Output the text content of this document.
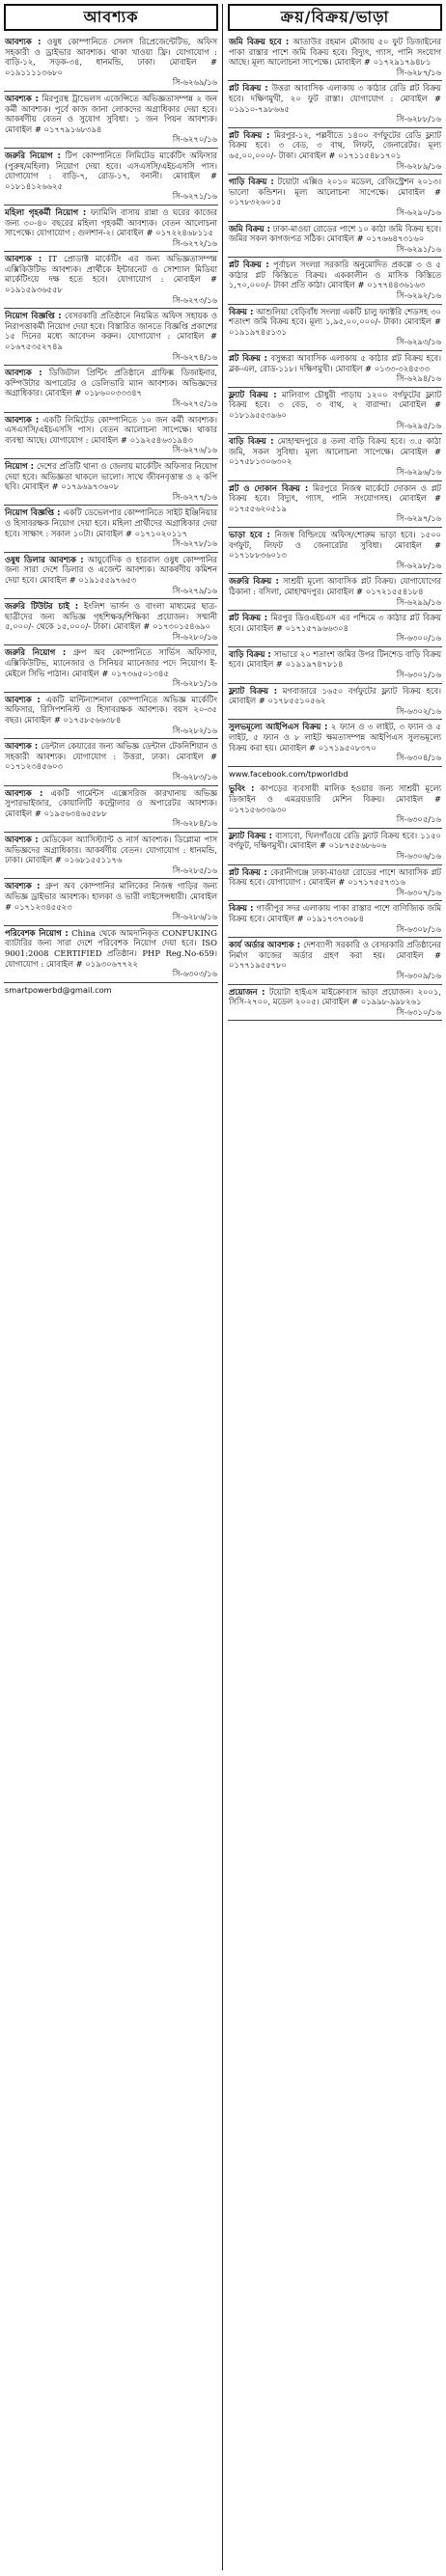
আবশ্যক

আবশ্যক : ওষুধ কোম্পানিতে সেলস রিপ্রেজেন্টেটিভ, অফিস সহকারী ও ড্রাইভার আবশ্যক। থাকা খাওয়া ফ্রি। যোগাযোগ : বাড়ি-১২, সড়ক-৩৪, ধানমন্ডি, ঢাকা। মোবাইল # ০১৯১১১১৩৬৮০
সি-৬২৬৯/১৬

আবশ্যক : মিরপুরস্থ ট্রাভেলস এজেন্সিতে অভিজ্ঞতাসম্পন্ন ২ জন কর্মী আবশ্যক। পূর্বে কাজ জানা লোকদের অগ্রাধিকার দেয়া হবে। আকর্ষণীয় বেতন ও সুযোগ সুবিধা। ১ জন পিয়ন আবশ্যক। মোবাইল # ০১৭৭৯১৬৮৩৯৪
সি-৬২৭০/১৬

জরুরি নিয়োগ : টিপ কোম্পানিতে লিমিটেড মার্কেটিং অফিসার (পুরুষ/মহিলা) নিয়োগ দেয়া হবে। এসএসসি/এইচএসসি পাস। যোগাযোগ : বাড়ি-৭, রোড-১৭, বনানী। মোবাইল # ০১৮১৪১২৬৬২৫
সি-৬২৭১/১৬

মহিলা গৃহকর্মী নিয়োগ : ফ্যামিলি বাসায় রান্না ও ঘরের কাজের জন্য ৩০-৪০ বছরের মহিলা গৃহকর্মী আবশ্যক। বেতন আলোচনা সাপেক্ষে। যোগাযোগ : গুলশান-২। মোবাইল # ০১৭২২৪৬৮১১৫
সি-৬২৭২/১৬

আবশ্যক : IT প্রোডাক্ট মার্কেটিং এর জন্য অভিজ্ঞতাসম্পন্ন এক্সিকিউটিভ আবশ্যক। প্রার্থীকে ইন্টারনেট ও সোশ্যাল মিডিয়া মার্কেটিংয়ে দক্ষ হতে হবে। যোগাযোগ : মোবাইল # ০১৯১৫৯৩৬৫৫৮
সি-৬২৭৩/১৬

নিয়োগ বিজ্ঞপ্তি : বেসরকারি প্রতিষ্ঠানে নিয়মিত অফিস সহায়ক ও নিরাপত্তাকর্মী নিয়োগ দেয়া হবে। বিস্তারিত জানতে বিজ্ঞপ্তি প্রকাশের ১৫ দিনের মধ্যে আবেদন করুন। যোগাযোগ : মোবাইল # ০১৬৭৫৩৫২৭৪৯
সি-৬২৭৪/১৬

আবশ্যক : ডিজিটাল প্রিন্টিং প্রতিষ্ঠানে গ্রাফিক্স ডিজাইনার, কম্পিউটার অপারেটর ও ডেলিভারি ম্যান আবশ্যক। অভিজ্ঞদের অগ্রাধিকার। মোবাইল # ০১৮৬০০৩৩৩৪৭
সি-৬২৭৫/১৬

আবশ্যক : একটি লিমিটেড কোম্পানিতে ১০ জন কর্মী আবশ্যক। এসএসসি/এইচএসসি পাস। বেতন আলোচনা সাপেক্ষে। থাকার ব্যবস্থা আছে। যোগাযোগ : মোবাইল # ০১৯২৫৪৬৩১৯৪৩
সি-৬২৭৬/১৬

নিয়োগ : দেশের প্রতিটি থানা ও জেলায় মার্কেটিং অফিসার নিয়োগ দেয়া হবে। অভিজ্ঞতা থাকলে ভালো। সাথে জীবনবৃত্তান্ত ও ২ কপি ছবি। মোবাইল # ০১৭৯৬৯৭৩৬০৮
সি-৬২৭৭/১৬

নিয়োগ বিজ্ঞপ্তি : একটি ডেভেলপার কোম্পানিতে সাইট ইঞ্জিনিয়ার ও হিসাবরক্ষক নিয়োগ দেয়া হবে। মহিলা প্রার্থীদের অগ্রাধিকার দেয়া হবে। সাক্ষাৎ : সকাল ১০টা। মোবাইল # ০১৭১০২০১১৭
সি-৬২৭৮/১৬

ওষুধ ডিলার আবশ্যক : আয়ুর্বেদিক ও হারবাল ওষুধ কোম্পানির জন্য সারা দেশে ডিলার ও এজেন্ট আবশ্যক। আকর্ষণীয় কমিশন দেয়া হবে। মোবাইল # ০১৯১৫৫৯৭৬৫৩
সি-৬২৭৯/১৬

জরুরি টিউটর চাই : ইংলিশ ভার্সন ও বাংলা মাধ্যমের ছাত্র-ছাত্রীদের জন্য অভিজ্ঞ গৃহশিক্ষক/শিক্ষিকা প্রয়োজন। সম্মানী ৫,০০০/- থেকে ১৫,০০০/- টাকা। মোবাইল # ০১৭৩০১৫৪৬৯০
সি-৬২৮০/১৬

জরুরি নিয়োগ : গ্রুপ অব কোম্পানিতে সার্ভিস অফিসার, এক্সিকিউটিভ, ম্যানেজার ও সিনিয়র ম্যানেজার পদে নিয়োগ। ই-মেইলে সিভি পাঠান। মোবাইল # ০১৭৩৬৫০১৩৪৫
সি-৬২৮১/১৬

আবশ্যক : একটি মাল্টিন্যাশনাল কোম্পানিতে অভিজ্ঞ মার্কেটিং অফিসার, রিসিপশনিস্ট ও হিসাবরক্ষক আবশ্যক। বয়স ২০-৩৫ বছর। মোবাইল # ০১৭৫৮৫৬৬৩৮৪
সি-৬২৮২/১৬

আবশ্যক : ডেন্টাল কেয়ারের জন্য অভিজ্ঞ ডেন্টাল টেকনিশিয়ান ও সহকারী আবশ্যক। যোগাযোগ : উত্তরা, ঢাকা। মোবাইল # ০১৭১২৩৪৫৬০৩
সি-৬২৮৩/১৬

আবশ্যক : একটি গার্মেন্টস এক্সেসরিজ কারখানায় অভিজ্ঞ সুপারভাইজার, কোয়ালিটি কন্ট্রোলার ও অপারেটর আবশ্যক। মোবাইল # ০১৯৫৬৩৪৬৫৫৮৮
সি-৬২৮৪/১৬

আবশ্যক : মেডিকেল অ্যাসিস্ট্যান্ট ও নার্স আবশ্যক। ডিপ্লোমা পাস অভিজ্ঞদের অগ্রাধিকার। আকর্ষণীয় বেতন। যোগাযোগ : ধানমন্ডি, ঢাকা। মোবাইল # ০১৬৮১৫৫১১৭৬
সি-৬২৮৫/১৬

আবশ্যক : গ্রুপ অব কোম্পানির মালিকের নিজস্ব গাড়ির জন্য অভিজ্ঞ ড্রাইভার আবশ্যক। হালকা ও ভারী লাইসেন্সধারী। মোবাইল # ০১৭১২৩৪৫৫২৩
সি-৬২৮৬/১৬

পরিবেশক নিয়োগ : China থেকে আমদানিকৃত CONFUKING ব্যাটারির জন্য সারা দেশে পরিবেশক নিয়োগ দেয়া হবে। ISO 9001:2008 CERTIFIED প্রতিষ্ঠান। PHP Reg.No-659। যোগাযোগ : মোবাইল # ০১৯৩০৬৭৭২২
সি-৬৩০৩/১৬

smartpowerbd@gmail.com
ক্রয়/বিক্রয়/ভাড়া

জমি বিক্রয় হবে : আতাউর রহমান মৌজায় ৫০ ফুট ডিজাইনের পাকা রাস্তার পাশে জমি বিক্রয় হবে। বিদ্যুৎ, গ্যাস, পানি সংযোগ আছে। মূল্য আলোচনা সাপেক্ষে। মোবাইল # ০১৭২৯১৭৯৪৮১
সি-৬২৮৭/১৬

প্লট বিক্রয় : উত্তরা আবাসিক এলাকায় ৩ কাঠার রেডি প্লট বিক্রয় হবে। দক্ষিণমুখী, ২০ ফুট রাস্তা। যোগাযোগ : মোবাইল # ০১৯১০-৭৯৮৬৬৫
সি-৬২৮৮/১৬

প্লট বিক্রয় : মিরপুর-১২, পল্লবীতে ১৪০০ বর্গফুটের রেডি ফ্ল্যাট বিক্রয় হবে। ৩ বেড, ৩ বাথ, লিফট, জেনারেটর। মূল্য ৬৫,০০,০০০/- টাকা। মোবাইল # ০১৭১১৫৪৮১৭০১
সি-৬২৮৯/১৬

গাড়ি বিক্রয় : টয়োটা এক্সিও ২০১০ মডেল, রেজিস্ট্রেশন ২০১৩। ভালো কন্ডিশন। মূল্য আলোচনা সাপেক্ষে। মোবাইল # ০১৭৮৩২৬০১৫
সি-৬২৯০/১৬

জমি বিক্রয় : ঢাকা-মাওয়া রোডের পাশে ১০ কাঠা জমি বিক্রয় হবে। জমির সকল কাগজপত্র সঠিক। মোবাইল # ০১৭৬৬৪৭৩১৬০
সি-৬২৯১/১৬

প্লট বিক্রয় : পূর্বাচল সংলগ্ন সরকারি অনুমোদিত প্রকল্পে ৩ ও ৫ কাঠার প্লট কিস্তিতে বিক্রয়। এককালীন ও মাসিক কিস্তিতে ১,৭০,০০০/- টাকা প্রতি কাঠা। মোবাইল # ০১৭৭৪৪৩৬১৬৩
সি-৬২৯২/১৬

বিক্রয় : আশুলিয়া বেড়িবাঁধ সংলগ্ন একটি চালু ফ্যাক্টরি শেডসহ ৩০ শতাংশ জমি বিক্রয় হবে। মূল্য ১,৯৫,০০,০০০/- টাকা। মোবাইল # ০১৯১৯৭৪৫১৩১
সি-৬২৯৩/১৬

প্লট বিক্রয় : বসুন্ধরা আবাসিক এলাকায় ৫ কাঠার প্লট বিক্রয় হবে। ব্লক-এল, রোড-১১৮। দক্ষিণমুখী। মোবাইল # ০১৩৩-৩২৪৫৩৩
সি-৬২৯৪/১৬

ফ্ল্যাট বিক্রয় : মালিবাগ চৌধুরী পাড়ায় ১২০০ বর্গফুটের ফ্ল্যাট বিক্রয় হবে। ৩ বেড, ৩ বাথ, ২ বারান্দা। মোবাইল # ০১৮১৯৫৫৩৯৬০
সি-৬২৯৫/১৬

বাড়ি বিক্রয় : মোহাম্মদপুরে ৪ তলা বাড়ি বিক্রয় হবে। ৩.৫ কাঠা জমি, সকল সুবিধা। মূল্য আলোচনা সাপেক্ষে। মোবাইল # ০১৭৫৮১৩০৬৩০২
সি-৬২৯৬/১৬

প্লট ও দোকান বিক্রয় : মিরপুরে নিজস্ব মার্কেটে দোকান ও প্লট বিক্রয় হবে। বিদ্যুৎ, গ্যাস, পানি সংযোগসহ। মোবাইল # ০১৭৫৫৬২০৫১৯
সি-৬২৯৭/১৬

ভাড়া হবে : নিজস্ব বিল্ডিংয়ে অফিস/শোরুম ভাড়া হবে। ১৫০০ বর্গফুট, লিফট ও জেনারেটর সুবিধা। মোবাইল # ০১৭১৮৮৩৬০১৩
সি-৬২৯৮/১৬

জরুরি বিক্রয় : সাশ্রয়ী মূল্যে আবাসিক প্লট বিক্রয়। যোগাযোগের ঠিকানা : বসিলা, মোহাম্মদপুর। মোবাইল # ০১৭২১৫৫৪১৮৪
সি-৬২৯৯/১৬

প্লট বিক্রয় : মিরপুর ডিওএইচএস এর পশ্চিমে ৩ কাঠার প্লট বিক্রয় হবে। মোবাইল # ০১৭১৫৭৯৬৬৩০৪
সি-৬৩০০/১৬

বাড়ি বিক্রয় : সাভারে ২০ শতাংশ জমির উপর টিনশেড বাড়ি বিক্রয় হবে। মোবাইল # ০১৯১৯৭৪৭৮১৪
সি-৬৩০১/১৬

ফ্ল্যাট বিক্রয় : মগবাজারে ১৬৫০ বর্গফুটের ফ্ল্যাট বিক্রয় হবে। মোবাইল # ০১৭৮৫৫১০৫৬২
সি-৬৩০২/১৬

সুলভমূল্যে আইপিএস বিক্রয় : ২ ফ্যান ও ৩ লাইট, ৩ ফ্যান ও ৫ লাইট, ৫ ফ্যান ও ৮ লাইট ক্ষমতাসম্পন্ন আইপিএস সুলভমূল্যে বিক্রয় করা হয়। মোবাইল # ০১৭১৯৫০৮৩৭০
সি-৬৩০৪/১৬

www.facebook.com/tpworldbd

ভুবিং : কাপড়ের ব্যবসায়ী মালিক হওয়ার জন্য সাশ্রয়ী মূল্যে ডিজাইন ও এমব্রয়ডারি মেশিন বিক্রয়। মোবাইল # ০১৭১৫৬৩৩৯৩০
সি-৬৩০৫/১৬

ফ্ল্যাট বিক্রয় : বাসাবো, খিলগাঁওয়ে রেডি ফ্ল্যাট বিক্রয় হবে। ১১৫০ বর্গফুট, দক্ষিণমুখী। মোবাইল # ০১৮৭৫৫৬৮৬০৬
সি-৬৩০৬/১৬

প্লট বিক্রয় : কেরানীগঞ্জে ঢাকা-মাওয়া রোডের পাশে আবাসিক প্লট বিক্রয় হবে। যোগাযোগ : মোবাইল # ০১৭১৭৫৫৭৩১৬
সি-৬৩০৭/১৬

বিক্রয় : গাজীপুর সদর এলাকায় পাকা রাস্তার পাশে বাণিজ্যিক জমি বিক্রয় হবে। মোবাইল # ০১৯১৭৩৭৩৬৮৪
সি-৬৩০৮/১৬

কার্য অর্ডার আবশ্যক : দেশব্যাপী সরকারি ও বেসরকারি প্রতিষ্ঠানের নির্মাণ কাজের অর্ডার গ্রহণ করা হয়। মোবাইল # ০১৭৭১৯৫৫৭৮০
সি-৬৩০৯/১৬

প্রয়োজন : টয়োটা হাইএস মাইক্রোবাস ভাড়া প্রয়োজন। ২০০১, সিসি-২৭০০, মডেল ২০০৫। মোবাইল # ০১৯৯৮-৯৯৮২৬১
সি-৬৩১০/১৬
